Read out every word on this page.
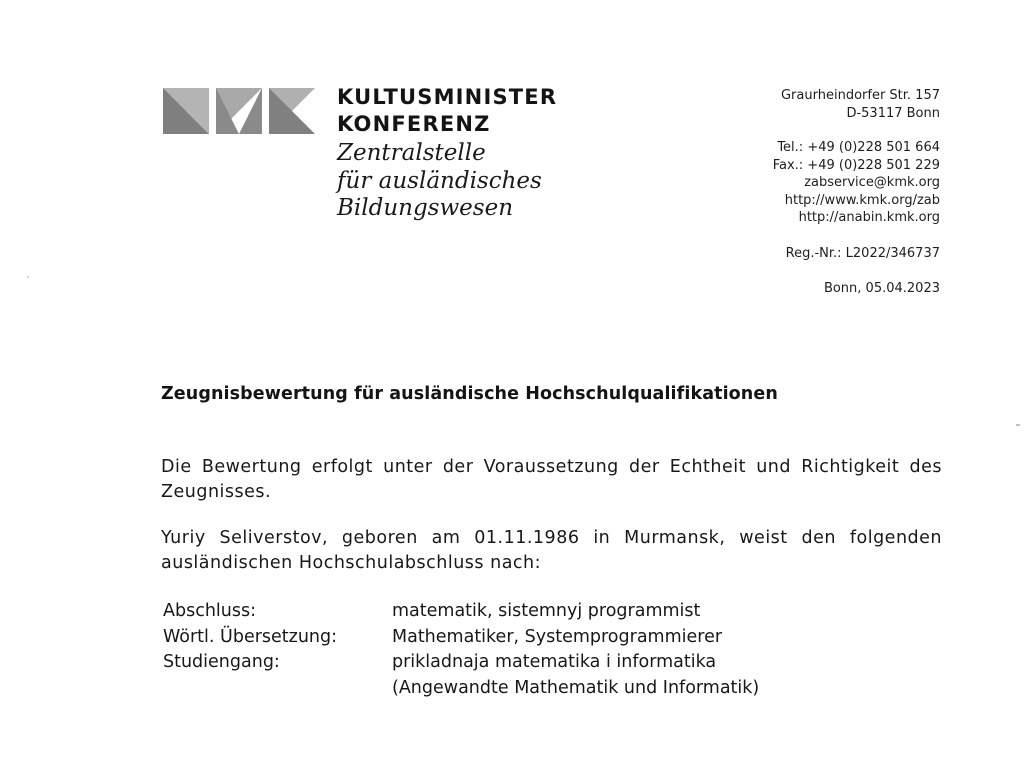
KULTUSMINISTER
KONFERENZ
Zentralstelle
für ausländisches
Bildungswesen
Graurheindorfer Str. 157
D-53117 Bonn
Tel.: +49 (0)228 501 664
Fax.: +49 (0)228 501 229
zabservice@kmk.org
http://www.kmk.org/zab
http://anabin.kmk.org
Reg.-Nr.: L2022/346737
Bonn, 05.04.2023
Zeugnisbewertung für ausländische Hochschulqualifikationen
Die Bewertung erfolgt unter der Voraussetzung der Echtheit und Richtigkeit des Zeugnisses.
Yuriy Seliverstov, geboren am 01.11.1986 in Murmansk, weist den folgenden ausländischen Hochschulabschluss nach:
Abschluss:	matematik, sistemnyj programmist
Wörtl. Übersetzung:	Mathematiker, Systemprogrammierer
Studiengang:	prikladnaja matematika i informatika
(Angewandte Mathematik und Informatik)
